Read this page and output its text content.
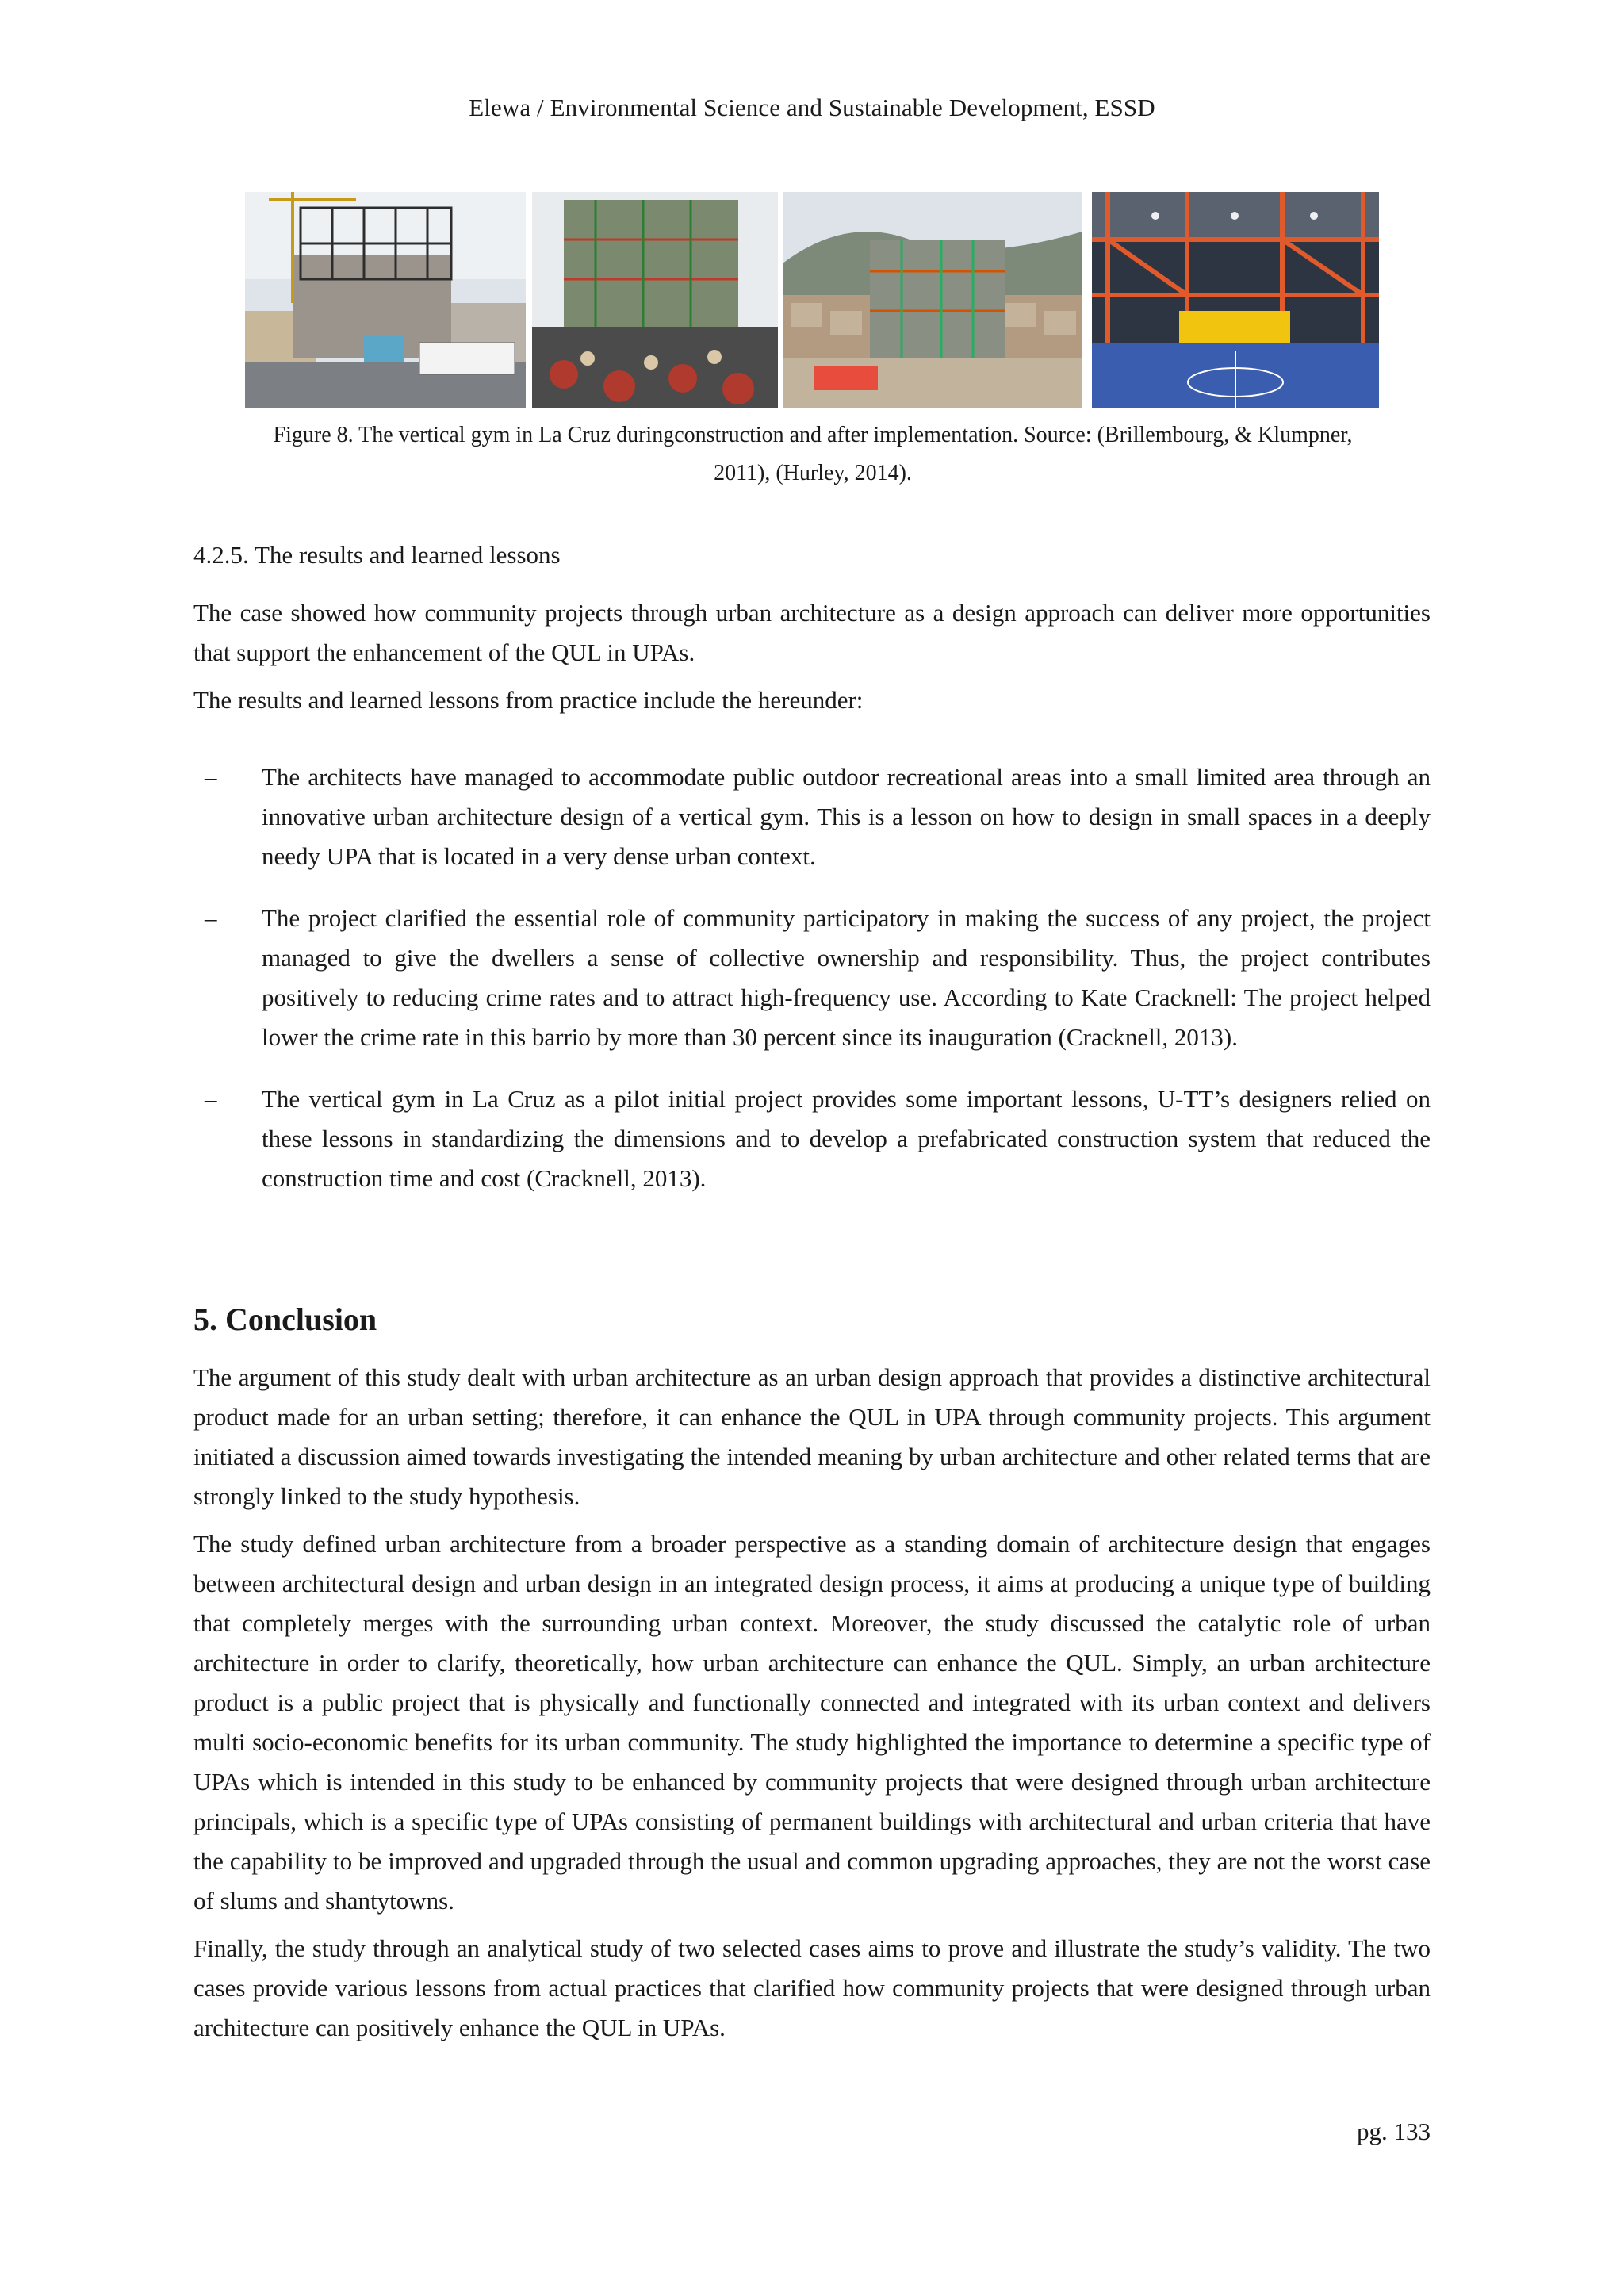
Elewa / Environmental Science and Sustainable Development, ESSD
Figure 8. The vertical gym in La Cruz duringconstruction and after implementation. Source: (Brillembourg, & Klumpner,
2011), (Hurley, 2014).
4.2.5. The results and learned lessons

The case showed how community projects through urban architecture as a design approach can deliver more opportunities that support the enhancement of the QUL in UPAs.

The results and learned lessons from practice include the hereunder:

–	The architects have managed to accommodate public outdoor recreational areas into a small limited area through an innovative urban architecture design of a vertical gym. This is a lesson on how to design in small spaces in a deeply needy UPA that is located in a very dense urban context.
–	The project clarified the essential role of community participatory in making the success of any project, the project managed to give the dwellers a sense of collective ownership and responsibility. Thus, the project contributes positively to reducing crime rates and to attract high-frequency use. According to Kate Cracknell: The project helped lower the crime rate in this barrio by more than 30 percent since its inauguration (Cracknell, 2013).
–	The vertical gym in La Cruz as a pilot initial project provides some important lessons, U-TT’s designers relied on these lessons in standardizing the dimensions and to develop a prefabricated construction system that reduced the construction time and cost (Cracknell, 2013).
5. Conclusion

The argument of this study dealt with urban architecture as an urban design approach that provides a distinctive architectural product made for an urban setting; therefore, it can enhance the QUL in UPA through community projects. This argument initiated a discussion aimed towards investigating the intended meaning by urban architecture and other related terms that are strongly linked to the study hypothesis.

The study defined urban architecture from a broader perspective as a standing domain of architecture design that engages between architectural design and urban design in an integrated design process, it aims at producing a unique type of building that completely merges with the surrounding urban context. Moreover, the study discussed the catalytic role of urban architecture in order to clarify, theoretically, how urban architecture can enhance the QUL. Simply, an urban architecture product is a public project that is physically and functionally connected and integrated with its urban context and delivers multi socio-economic benefits for its urban community. The study highlighted the importance to determine a specific type of UPAs which is intended in this study to be enhanced by community projects that were designed through urban architecture principals, which is a specific type of UPAs consisting of permanent buildings with architectural and urban criteria that have the capability to be improved and upgraded through the usual and common upgrading approaches, they are not the worst case of slums and shantytowns.

Finally, the study through an analytical study of two selected cases aims to prove and illustrate the study’s validity. The two cases provide various lessons from actual practices that clarified how community projects that were designed through urban architecture can positively enhance the QUL in UPAs.

pg. 133
